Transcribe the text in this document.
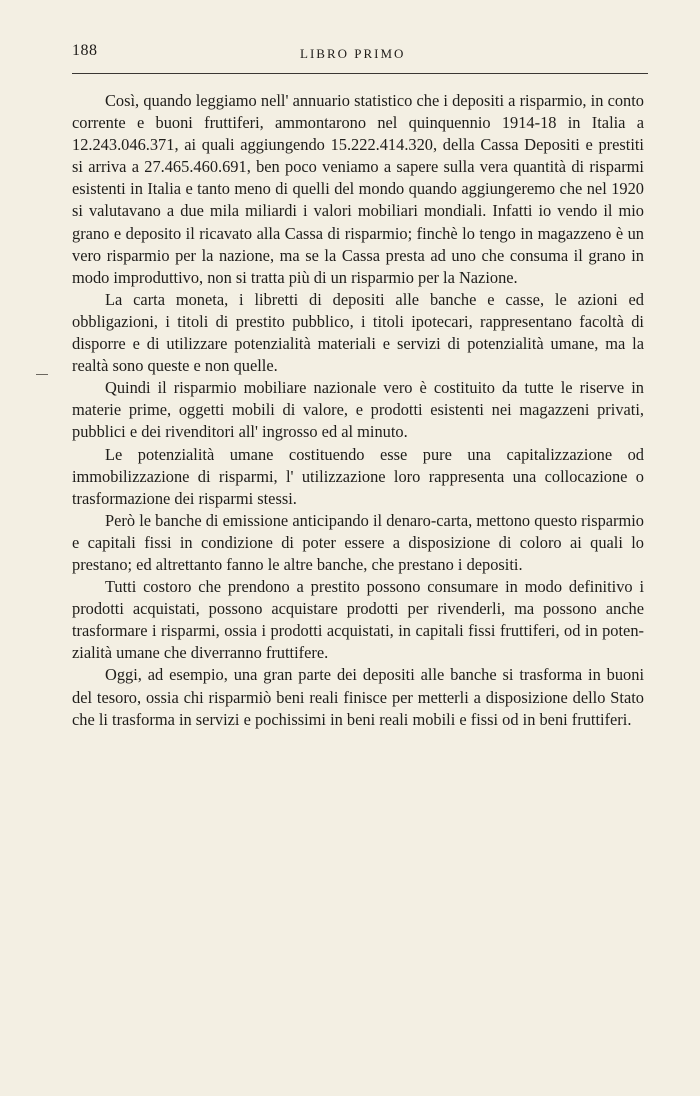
188	LIBRO PRIMO

Così, quando leggiamo nell' annuario statistico che i depositi a risparmio, in conto corrente e buoni fruttiferi, ammontarono nel quinquennio 1914-18 in Italia a 12.243.046.371, ai quali aggiungendo 15.222.414.320, della Cassa Depositi e prestiti si arriva a 27.465.460.691, ben poco veniamo a sapere sulla vera quantità di risparmi esistenti in Italia e tanto meno di quelli del mondo quando aggiungeremo che nel 1920 si valutavano a due mila miliardi i valori mobiliari mondiali. Infatti io vendo il mio grano e deposito il ricavato alla Cassa di risparmio; finchè lo tengo in magazzeno è un vero risparmio per la nazione, ma se la Cassa presta ad uno che consuma il grano in modo improduttivo, non si tratta più di un risparmio per la Nazione.

La carta moneta, i libretti di depositi alle banche e casse, le azioni ed obbligazioni, i titoli di prestito pubblico, i titoli ipotecari, rappresentano facoltà di disporre e di utilizzare potenzialità materiali e servizi di potenzialità umane, ma la realtà sono queste e non quelle.

Quindi il risparmio mobiliare nazionale vero è costituito da tutte le riserve in materie prime, oggetti mobili di valore, e prodotti esistenti nei magazzeni privati, pubblici e dei rivenditori all' ingrosso ed al minuto.

Le potenzialità umane costituendo esse pure una capitalizzazione od immobilizzazione di risparmi, l' utilizzazione loro rappresenta una collocazione o trasformazione dei risparmi stessi.

Però le banche di emissione anticipando il denaro-carta, mettono questo risparmio e capitali fissi in condizione di poter essere a disposizione di coloro ai quali lo prestano; ed altrettanto fanno le altre banche, che prestano i depositi.

Tutti costoro che prendono a prestito possono consumare in modo definitivo i prodotti acquistati, possono acquistare prodotti per rivenderli, ma possono anche trasformare i risparmi, ossia i prodotti acquistati, in capitali fissi fruttiferi, od in potenzialità umane che diverranno fruttifere.

Oggi, ad esempio, una gran parte dei depositi alle banche si trasforma in buoni del tesoro, ossia chi risparmiò beni reali finisce per metterli a disposizione dello Stato che li trasforma in servizi e pochissimi in beni reali mobili e fissi od in beni fruttiferi.
